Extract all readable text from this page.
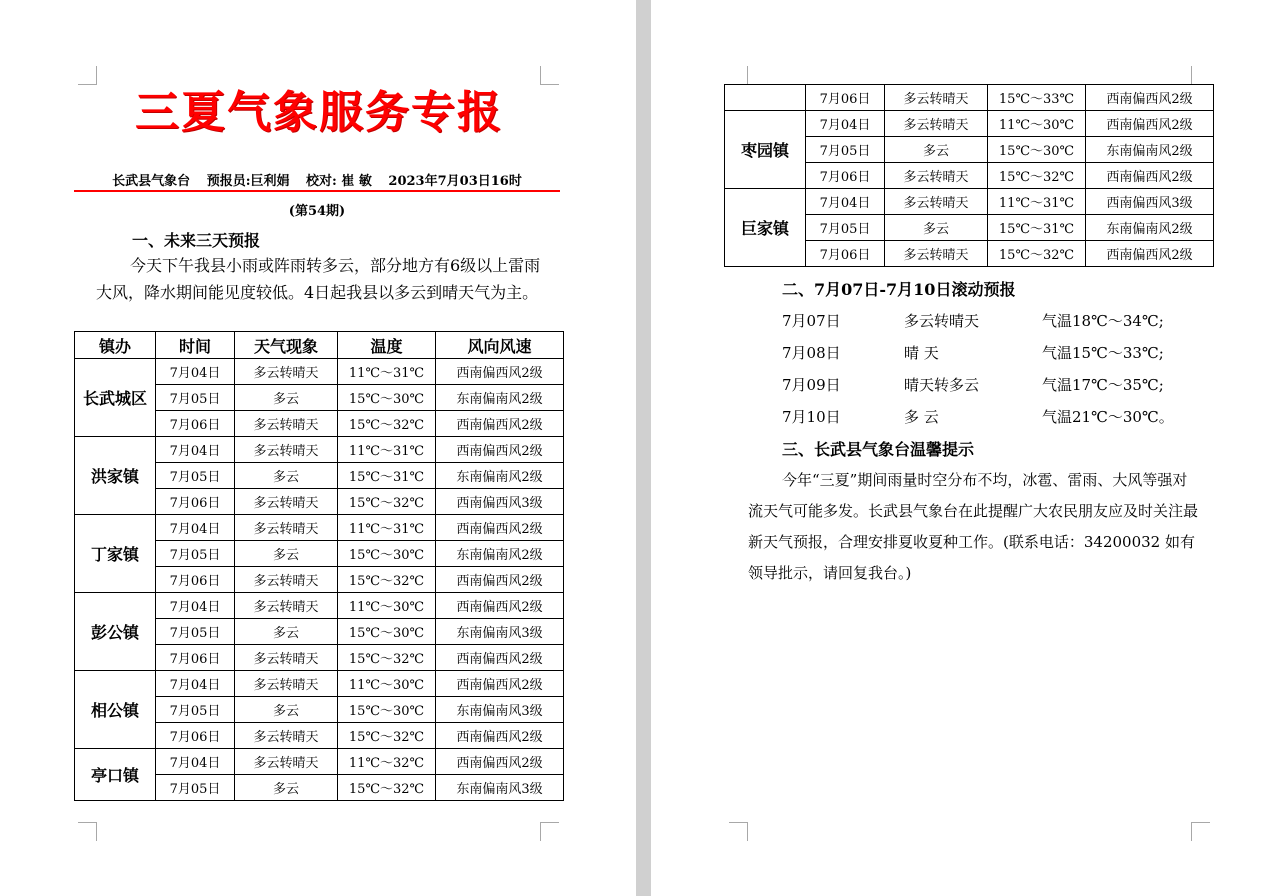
三夏气象服务专报
长武县气象台 预报员:巨利娟 校对: 崔 敏 2023年7月03日16时
(第54期)
一、未来三天预报
今天下午我县小雨或阵雨转多云，部分地方有6级以上雷雨大风，降水期间能见度较低。4日起我县以多云到晴天气为主。
镇办	时间	天气现象	温度	风向风速
长武城区	7月04日	多云转晴天	11℃～31℃	西南偏西风2级
	7月05日	多云	15℃～30℃	东南偏南风2级
	7月06日	多云转晴天	15℃～32℃	西南偏西风2级
洪家镇	7月04日	多云转晴天	11℃～31℃	西南偏西风2级
	7月05日	多云	15℃～31℃	东南偏南风2级
	7月06日	多云转晴天	15℃～32℃	西南偏西风3级
丁家镇	7月04日	多云转晴天	11℃～31℃	西南偏西风2级
	7月05日	多云	15℃～30℃	东南偏南风2级
	7月06日	多云转晴天	15℃～32℃	西南偏西风2级
彭公镇	7月04日	多云转晴天	11℃～30℃	西南偏西风2级
	7月05日	多云	15℃～30℃	东南偏南风3级
	7月06日	多云转晴天	15℃～32℃	西南偏西风2级
相公镇	7月04日	多云转晴天	11℃～30℃	西南偏西风2级
	7月05日	多云	15℃～30℃	东南偏南风3级
	7月06日	多云转晴天	15℃～32℃	西南偏西风2级
亭口镇	7月04日	多云转晴天	11℃～32℃	西南偏西风2级
	7月05日	多云	15℃～32℃	东南偏南风3级
	7月06日	多云转晴天	15℃～33℃	西南偏西风2级
枣园镇	7月04日	多云转晴天	11℃～30℃	西南偏西风2级
	7月05日	多云	15℃～30℃	东南偏南风2级
	7月06日	多云转晴天	15℃～32℃	西南偏西风2级
巨家镇	7月04日	多云转晴天	11℃～31℃	西南偏西风3级
	7月05日	多云	15℃～31℃	东南偏南风2级
	7月06日	多云转晴天	15℃～32℃	西南偏西风2级
二、7月07日-7月10日滚动预报
7月07日	多云转晴天	气温18℃～34℃;
7月08日	晴 天	气温15℃～33℃;
7月09日	晴天转多云	气温17℃～35℃;
7月10日	多 云	气温21℃～30℃。
三、长武县气象台温馨提示
今年“三夏”期间雨量时空分布不均，冰雹、雷雨、大风等强对流天气可能多发。长武县气象台在此提醒广大农民朋友应及时关注最新天气预报，合理安排夏收夏种工作。(联系电话：34200032 如有领导批示，请回复我台。)
